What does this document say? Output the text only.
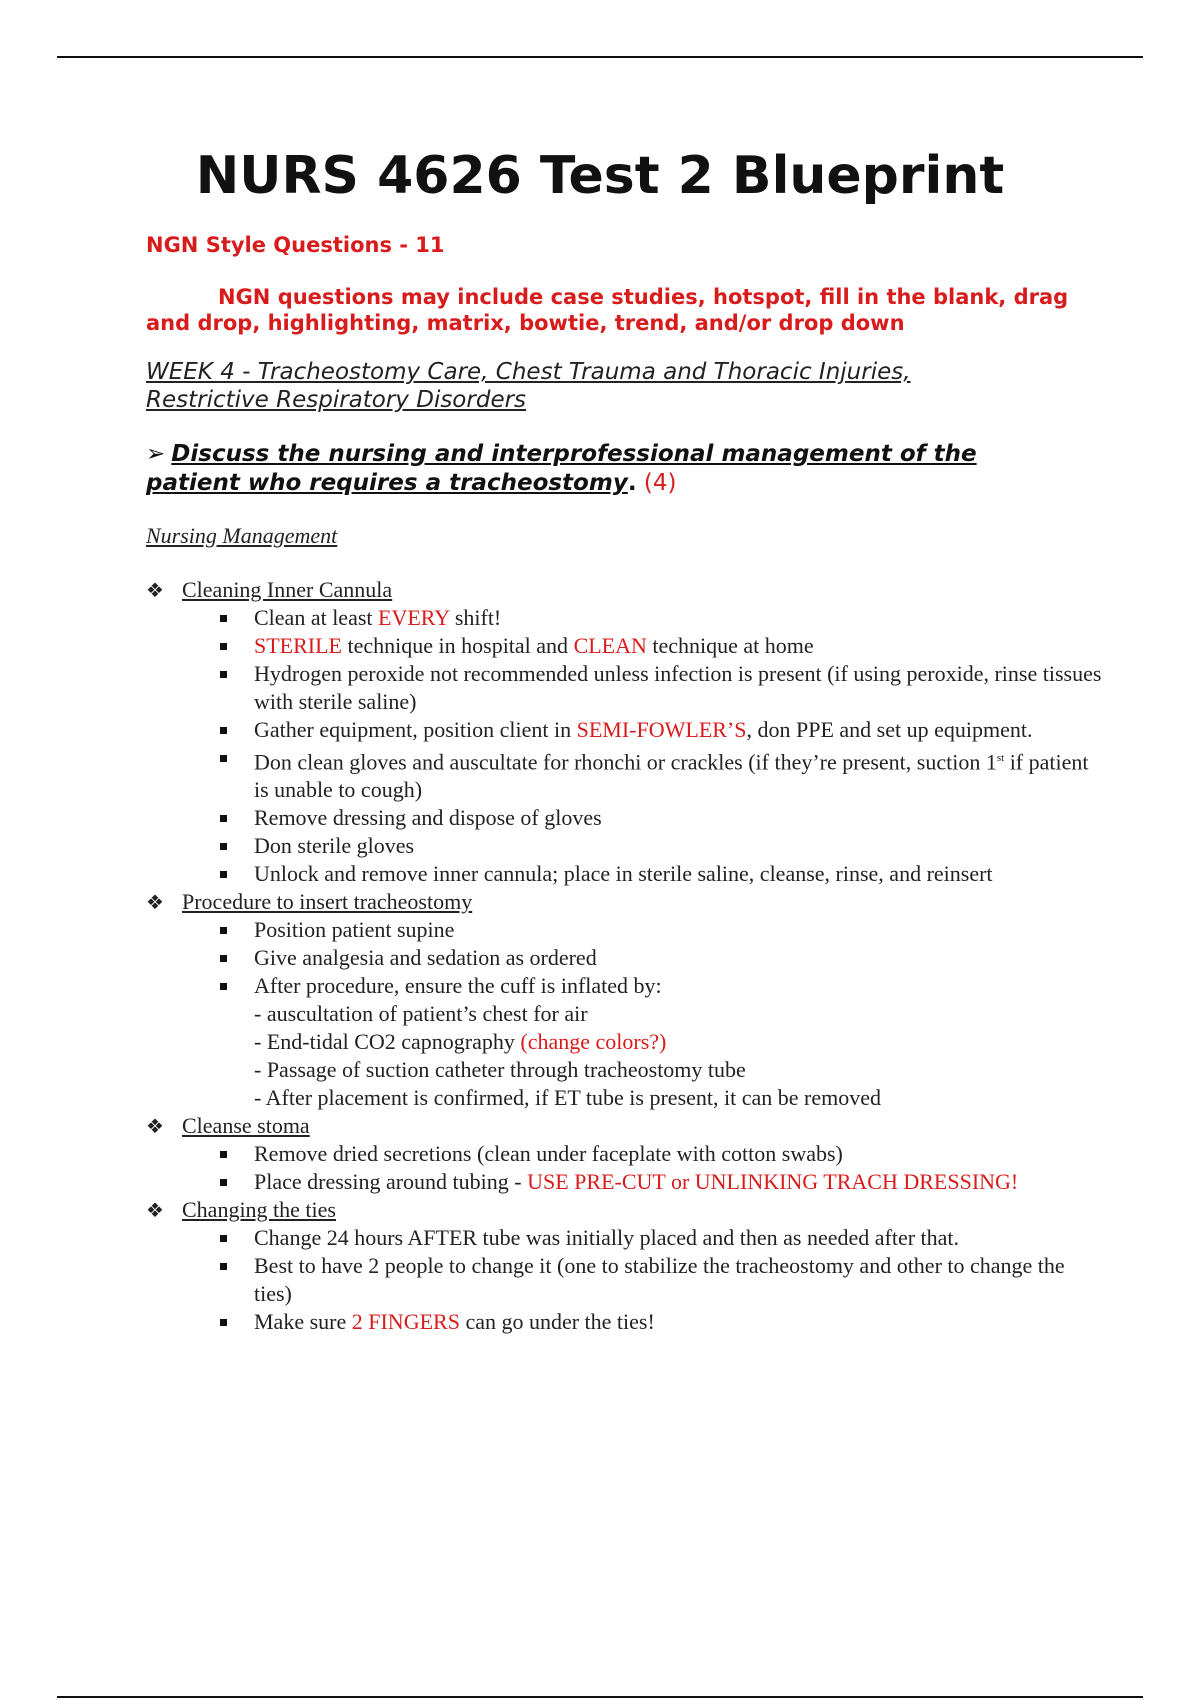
NURS 4626 Test 2 Blueprint
NGN Style Questions - 11
NGN questions may include case studies, hotspot, fill in the blank, drag and drop, highlighting, matrix, bowtie, trend, and/or drop down
WEEK 4 - Tracheostomy Care, Chest Trauma and Thoracic Injuries, Restrictive Respiratory Disorders
➢ Discuss the nursing and interprofessional management of the patient who requires a tracheostomy. (4)
Nursing Management
❖ Cleaning Inner Cannula
Clean at least EVERY shift!
STERILE technique in hospital and CLEAN technique at home
Hydrogen peroxide not recommended unless infection is present (if using peroxide, rinse tissues with sterile saline)
Gather equipment, position client in SEMI-FOWLER’S, don PPE and set up equipment.
Don clean gloves and auscultate for rhonchi or crackles (if they’re present, suction 1st if patient is unable to cough)
Remove dressing and dispose of gloves
Don sterile gloves
Unlock and remove inner cannula; place in sterile saline, cleanse, rinse, and reinsert
❖ Procedure to insert tracheostomy
Position patient supine
Give analgesia and sedation as ordered
After procedure, ensure the cuff is inflated by:
- auscultation of patient’s chest for air
- End-tidal CO2 capnography (change colors?)
- Passage of suction catheter through tracheostomy tube
- After placement is confirmed, if ET tube is present, it can be removed
❖ Cleanse stoma
Remove dried secretions (clean under faceplate with cotton swabs)
Place dressing around tubing - USE PRE-CUT or UNLINKING TRACH DRESSING!
❖ Changing the ties
Change 24 hours AFTER tube was initially placed and then as needed after that.
Best to have 2 people to change it (one to stabilize the tracheostomy and other to change the ties)
Make sure 2 FINGERS can go under the ties!
